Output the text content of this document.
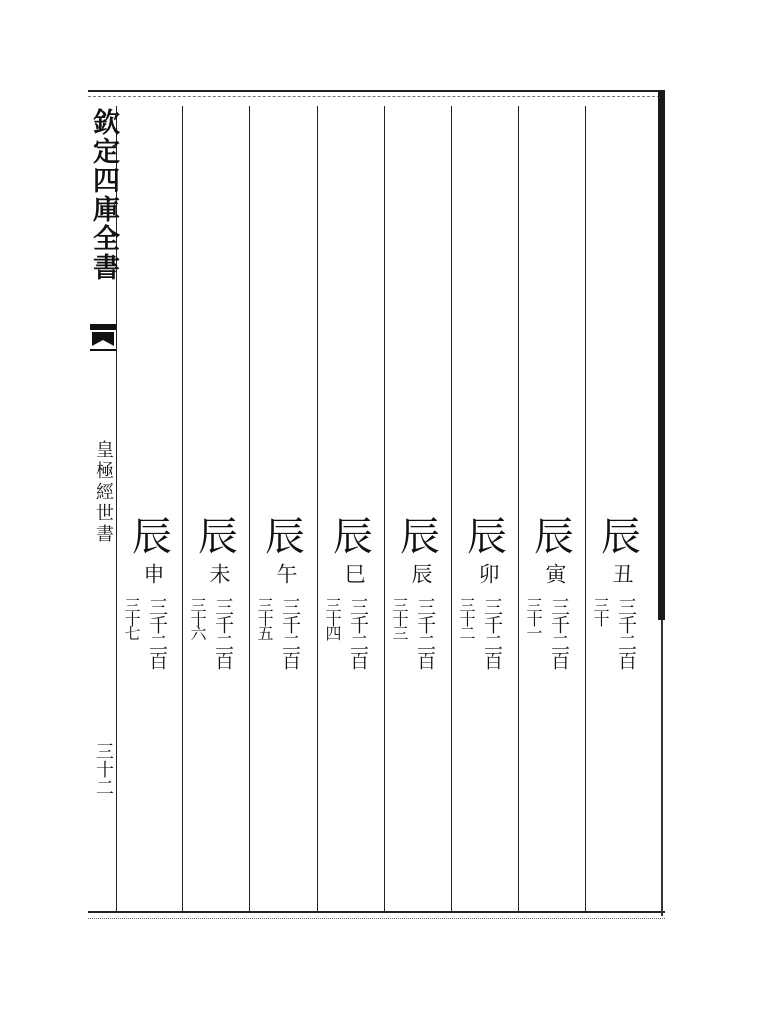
欽定四庫全書
皇極經世書
三十二
辰
丑
三千二百
三十
辰
寅
三千二百
三十一
辰
卯
三千二百
三十二
辰
辰
三千二百
三十三
辰
巳
三千二百
三十四
辰
午
三千二百
三十五
辰
未
三千二百
三十六
辰
申
三千二百
三十七
